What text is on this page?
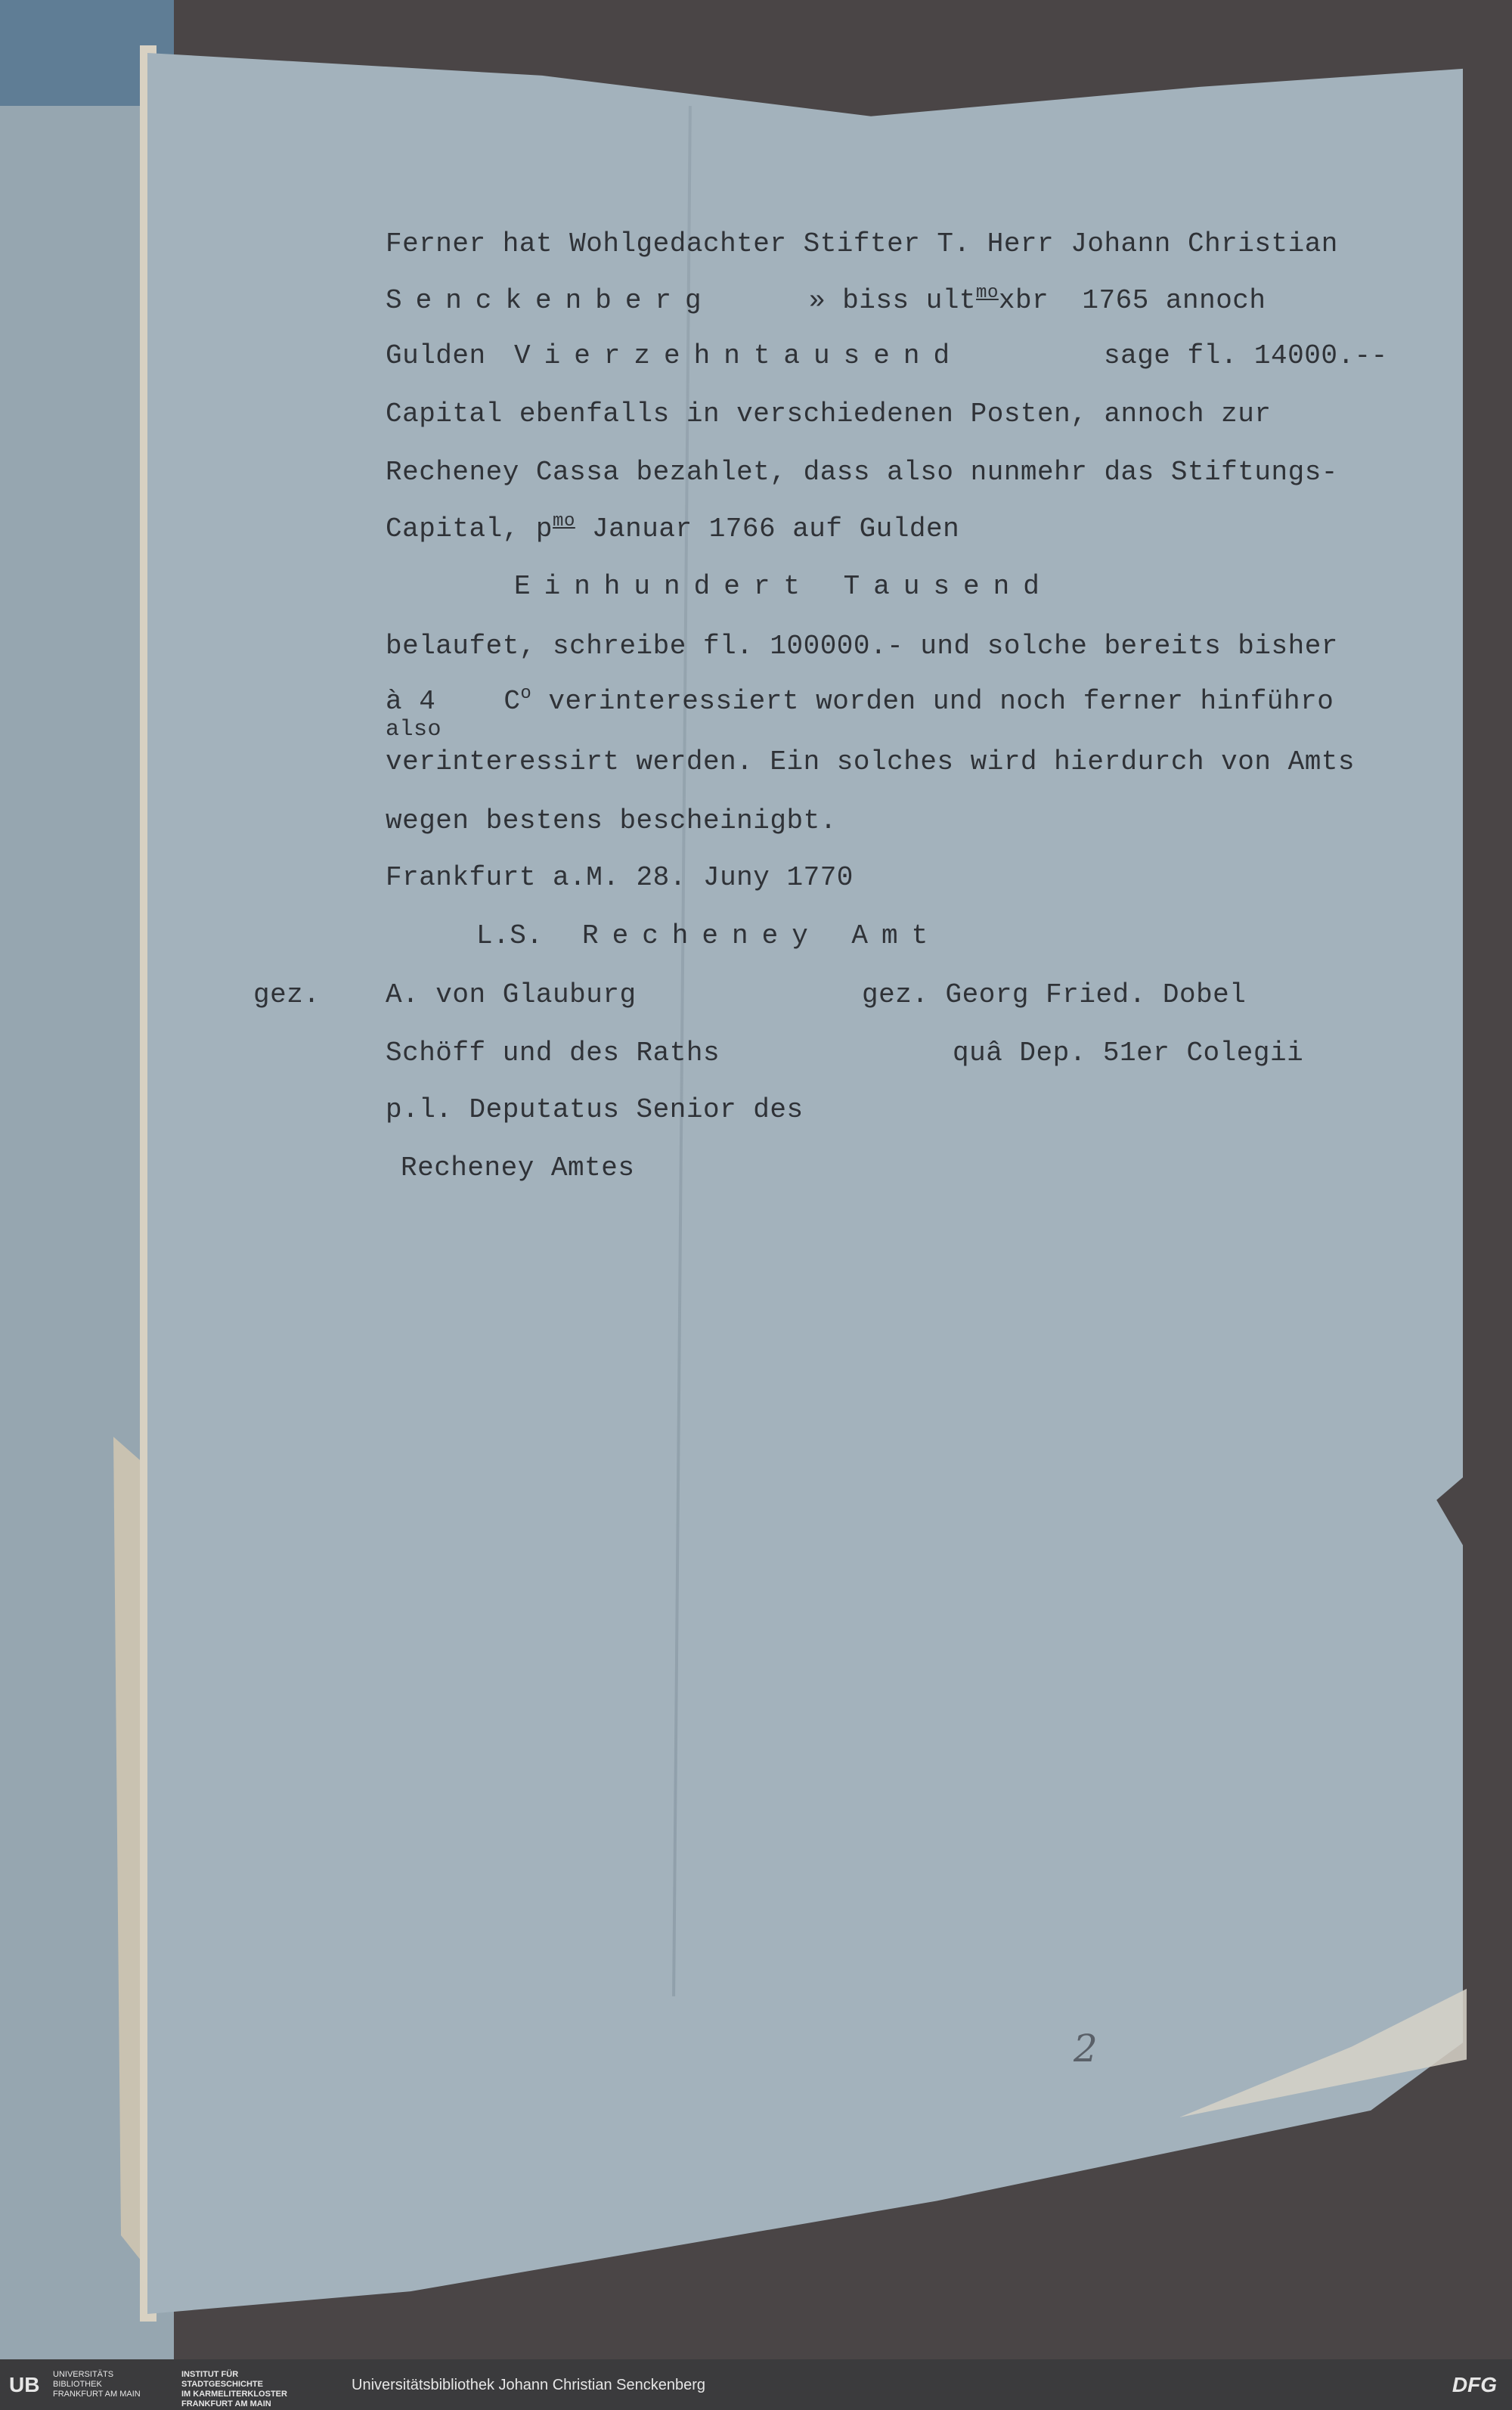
Ferner hat Wohlgedachter Stifter T. Herr Johann Christian
Senckenberg	» biss ult$^{mo}$xbr  1765 annoch
Gulden Vierzehntausend	sage fl. 14000.--
Capital ebenfalls in verschiedenen Posten, annoch zur
Recheney Cassa bezahlet, dass also nunmehr das Stiftungs-
Capital, $p^{mo}$ Januar 1766 auf Gulden
Einhundert Tausend
belaufet, schreibe fl. 100000.- und solche bereits bisher
à 4	$C^o$ verinteressiert worden und noch ferner hinführo
also
verinteressirt werden. Ein solches wird hierdurch von Amts
wegen bestens bescheinigbt.
Frankfurt a.M. 28. Juny 1770
L.S. Recheney Amt
gez. A. von Glauburg	gez. Georg Fried. Dobel
Schöff und des Raths	quâ Dep. 51er Colegii
p.l. Deputatus Senior des
Recheney Amtes
2
UB UNIVERSITÄTS
BIBLIOTHEK
FRANKFURT AM MAIN
INSTITUT FÜR
STADTGESCHICHTE
IM KARMELITERKLOSTER
FRANKFURT AM MAIN
Universitätsbibliothek Johann Christian Senckenberg	DFG
